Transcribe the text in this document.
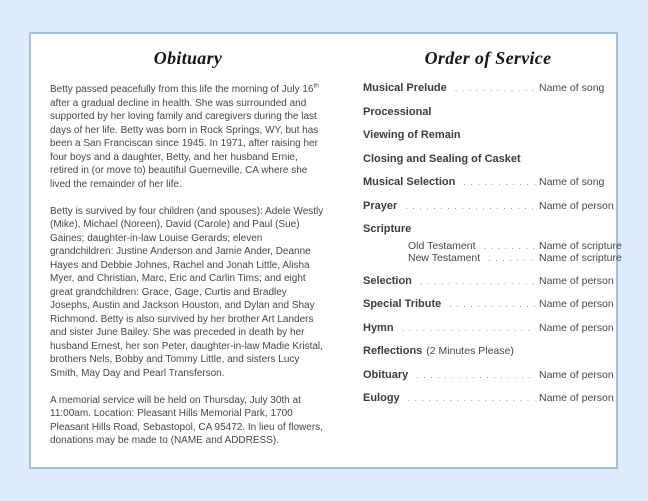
Obituary

Betty passed peacefully from this life the morning of July 16th after a gradual decline in health. She was surrounded and supported by her loving family and caregivers during the last days of her life. Betty was born in Rock Springs, WY, but has been a San Franciscan since 1945. In 1971, after raising her four boys and a daughter, Betty, and her husband Ernie, retired in (or move to) beautiful Guerneville, CA where she lived the remainder of her life.

Betty is survived by four children (and spouses): Adele Westly (Mike), Michael (Noreen), David (Carole) and Paul (Sue) Gaines; daughter-in-law Louise Gerards; eleven grandchildren: Justine Anderson and Jamie Ander, Deanne Hayes and Debbie Johnes, Rachel and Jonah Little, Alisha Myer, and Christian, Marc, Eric and Carlin Tims; and eight great grandchildren: Grace, Gage, Curtis and Bradley Josephs, Austin and Jackson Houston, and Dylan and Shay Richmond. Betty is also survived by her brother Art Landers and sister June Bailey. She was preceded in death by her husband Ernest, her son Peter, daughter-in-law Madie Kristal, brothers Nels, Bobby and Tommy Little, and sisters Lucy Smith, May Day and Pearl Transferson.

A memorial service will be held on Thursday, July 30th at 11:00am. Location: Pleasant Hills Memorial Park, 1700 Pleasant Hills Road, Sebastopol, CA 95472. In lieu of flowers, donations may be made to (NAME and ADDRESS).

Order of Service
Musical Prelude . . .	Name of song
Processional
Viewing of Remain
Closing and Sealing of Casket
Musical Selection . . .	Name of song
Prayer . . .	Name of person
Scripture
Old Testament . . .	Name of scripture
New Testament . . .	Name of scripture
Selection . . .	Name of person
Special Tribute . . .	Name of person
Hymn . . .	Name of person
Reflections (2 Minutes Please)
Obituary . . .	Name of person
Eulogy . . .	Name of person
